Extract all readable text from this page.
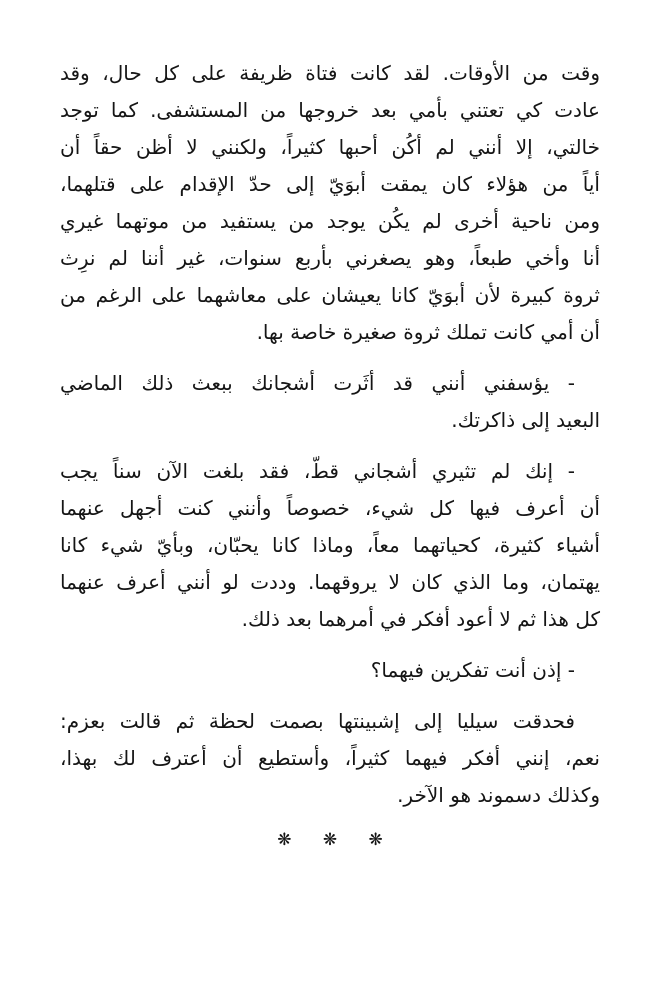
وقت من الأوقات. لقد كانت فتاة ظريفة على كل حال، وقد
عادت كي تعتني بأمي بعد خروجها من المستشفى. كما توجد
خالتي، إلا أنني لم أكُن أحبها كثيراً، ولكنني لا أظن حقاً أن
أياً من هؤلاء كان يمقت أبوَيّ إلى حدّ الإقدام على قتلهما،
ومن ناحية أخرى لم يكُن يوجد من يستفيد من موتهما غيري
أنا وأخي طبعاً، وهو يصغرني بأربع سنوات، غير أننا لم نرِث
ثروة كبيرة لأن أبوَيّ كانا يعيشان على معاشهما على الرغم من
أن أمي كانت تملك ثروة صغيرة خاصة بها.
- يؤسفني أنني قد أثَرت أشجانك ببعث ذلك الماضي
البعيد إلى ذاكرتك.
- إنك لم تثيري أشجاني قطّ، فقد بلغت الآن سناً يجب
أن أعرف فيها كل شيء، خصوصاً وأنني كنت أجهل عنهما
أشياء كثيرة، كحياتهما معاً، وماذا كانا يحبّان، وبأيّ شيء كانا
يهتمان، وما الذي كان لا يروقهما. وددت لو أنني أعرف عنهما
كل هذا ثم لا أعود أفكر في أمرهما بعد ذلك.
- إذن أنت تفكرين فيهما؟
فحدقت سيليا إلى إشبينتها بصمت لحظة ثم قالت بعزم:
نعم، إنني أفكر فيهما كثيراً، وأستطيع أن أعترف لك بهذا،
وكذلك دسموند هو الآخر.
❋ ❋ ❋
